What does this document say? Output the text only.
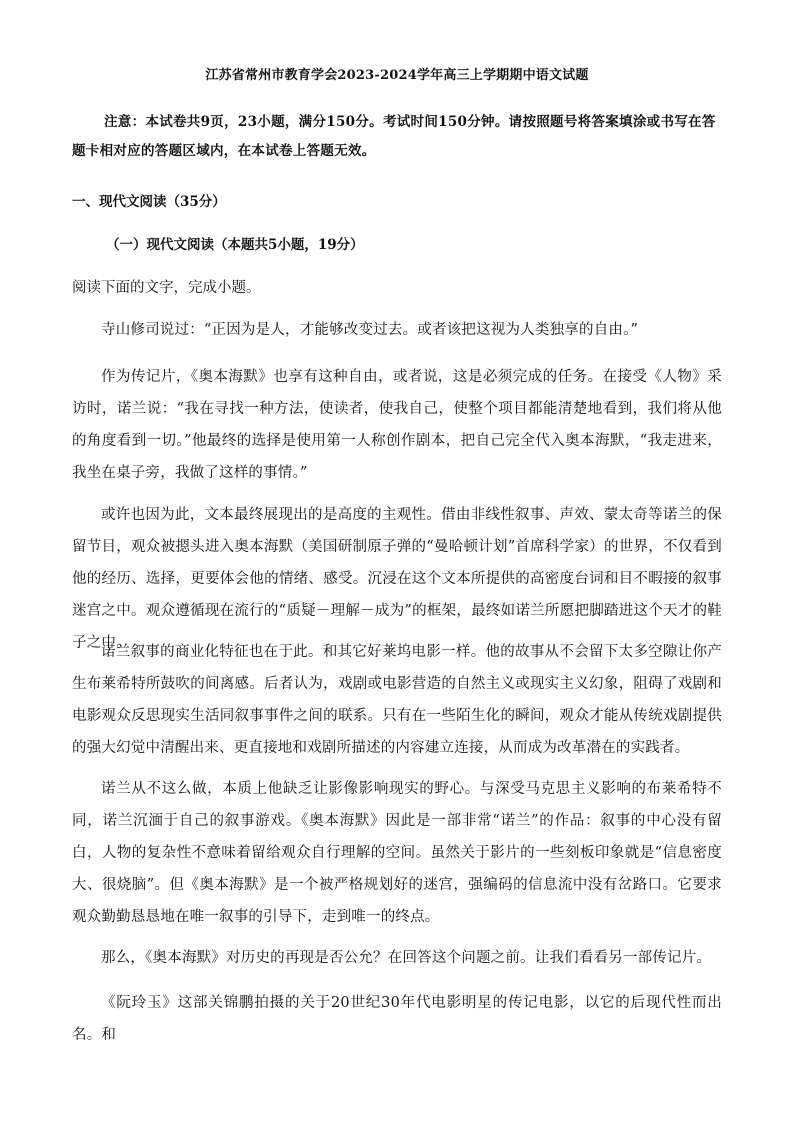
江苏省常州市教育学会2023-2024学年高三上学期期中语文试题
注意：本试卷共9页，23小题，满分150分。考试时间150分钟。请按照题号将答案填涂或书写在答题卡相对应的答题区域内，在本试卷上答题无效。
一、现代文阅读（35分）
（一）现代文阅读（本题共5小题，19分）
阅读下面的文字，完成小题。
寺山修司说过：“正因为是人，才能够改变过去。或者该把这视为人类独享的自由。”
作为传记片，《奥本海默》也享有这种自由，或者说，这是必须完成的任务。在接受《人物》采访时，诺兰说：“我在寻找一种方法，使读者，使我自己，使整个项目都能清楚地看到，我们将从他的角度看到一切。”他最终的选择是使用第一人称创作剧本，把自己完全代入奥本海默，“我走进来，我坐在桌子旁，我做了这样的事情。”
或许也因为此，文本最终展现出的是高度的主观性。借由非线性叙事、声效、蒙太奇等诺兰的保留节目，观众被摁头进入奥本海默（美国研制原子弹的“曼哈顿计划”首席科学家）的世界，不仅看到他的经历、选择，更要体会他的情绪、感受。沉浸在这个文本所提供的高密度台词和目不暇接的叙事迷宫之中。观众遵循现在流行的“质疑－理解－成为”的框架，最终如诺兰所愿把脚踏进这个天才的鞋子之中。
诺兰叙事的商业化特征也在于此。和其它好莱坞电影一样。他的故事从不会留下太多空隙让你产生布莱希特所鼓吹的间离感。后者认为，戏剧或电影营造的自然主义或现实主义幻象，阻碍了戏剧和电影观众反思现实生活同叙事事件之间的联系。只有在一些陌生化的瞬间，观众才能从传统戏剧提供的强大幻觉中清醒出来、更直接地和戏剧所描述的内容建立连接，从而成为改革潜在的实践者。
诺兰从不这么做，本质上他缺乏让影像影响现实的野心。与深受马克思主义影响的布莱希特不同，诺兰沉湎于自己的叙事游戏。《奥本海默》因此是一部非常“诺兰”的作品：叙事的中心没有留白，人物的复杂性不意味着留给观众自行理解的空间。虽然关于影片的一些刻板印象就是“信息密度大、很烧脑”。但《奥本海默》是一个被严格规划好的迷宫，强编码的信息流中没有岔路口。它要求观众勤勤恳恳地在唯一叙事的引导下，走到唯一的终点。
那么，《奥本海默》对历史的再现是否公允？在回答这个问题之前。让我们看看另一部传记片。
《阮玲玉》这部关锦鹏拍摄的关于20世纪30年代电影明星的传记电影，以它的后现代性而出名。和
